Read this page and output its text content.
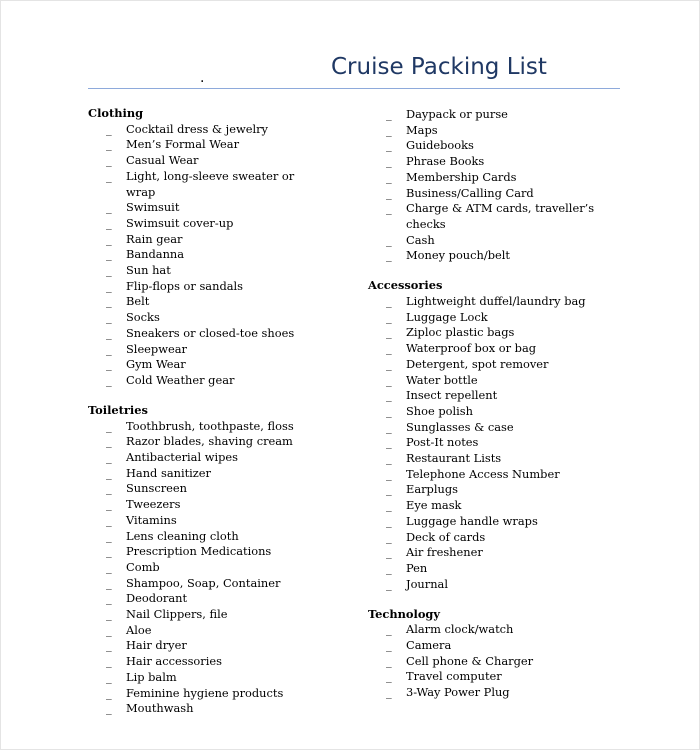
.	Cruise Packing List
Clothing
_	Cocktail dress & jewelry
_	Men’s Formal Wear
_	Casual Wear
_	Light, long-sleeve sweater or wrap
_	Swimsuit
_	Swimsuit cover-up
_	Rain gear
_	Bandanna
_	Sun hat
_	Flip-flops or sandals
_	Belt
_	Socks
_	Sneakers or closed-toe shoes
_	Sleepwear
_	Gym Wear
_	Cold Weather gear
Toiletries
_	Toothbrush, toothpaste, floss
_	Razor blades, shaving cream
_	Antibacterial wipes
_	Hand sanitizer
_	Sunscreen
_	Tweezers
_	Vitamins
_	Lens cleaning cloth
_	Prescription Medications
_	Comb
_	Shampoo, Soap, Container
_	Deodorant
_	Nail Clippers, file
_	Aloe
_	Hair dryer
_	Hair accessories
_	Lip balm
_	Feminine hygiene products
_	Mouthwash
_	Daypack or purse
_	Maps
_	Guidebooks
_	Phrase Books
_	Membership Cards
_	Business/Calling Card
_	Charge & ATM cards, traveller’s checks
_	Cash
_	Money pouch/belt
Accessories
_	Lightweight duffel/laundry bag
_	Luggage Lock
_	Ziploc plastic bags
_	Waterproof box or bag
_	Detergent, spot remover
_	Water bottle
_	Insect repellent
_	Shoe polish
_	Sunglasses & case
_	Post-It notes
_	Restaurant Lists
_	Telephone Access Number
_	Earplugs
_	Eye mask
_	Luggage handle wraps
_	Deck of cards
_	Air freshener
_	Pen
_	Journal
Technology
_	Alarm clock/watch
_	Camera
_	Cell phone & Charger
_	Travel computer
_	3-Way Power Plug
